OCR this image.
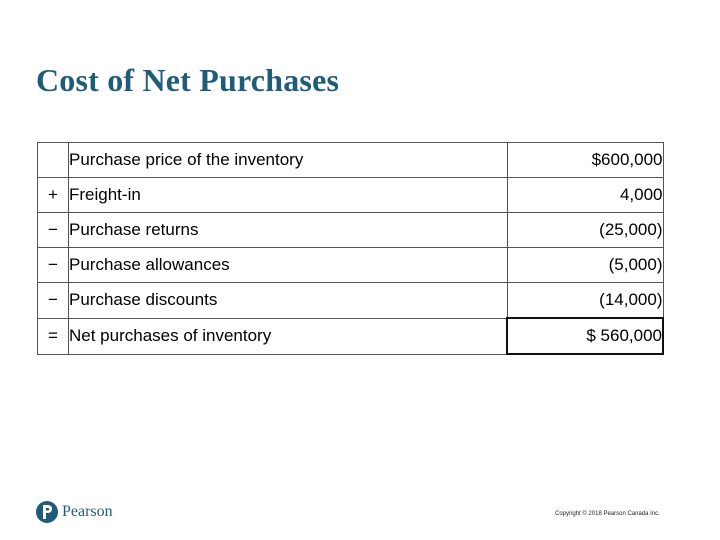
Cost of Net Purchases
	Purchase price of the inventory	$600,000
+	Freight-in	4,000
−	Purchase returns	(25,000)
−	Purchase allowances	(5,000)
−	Purchase discounts	(14,000)
=	Net purchases of inventory	$ 560,000
Pearson	Copyright © 2018 Pearson Canada Inc.
